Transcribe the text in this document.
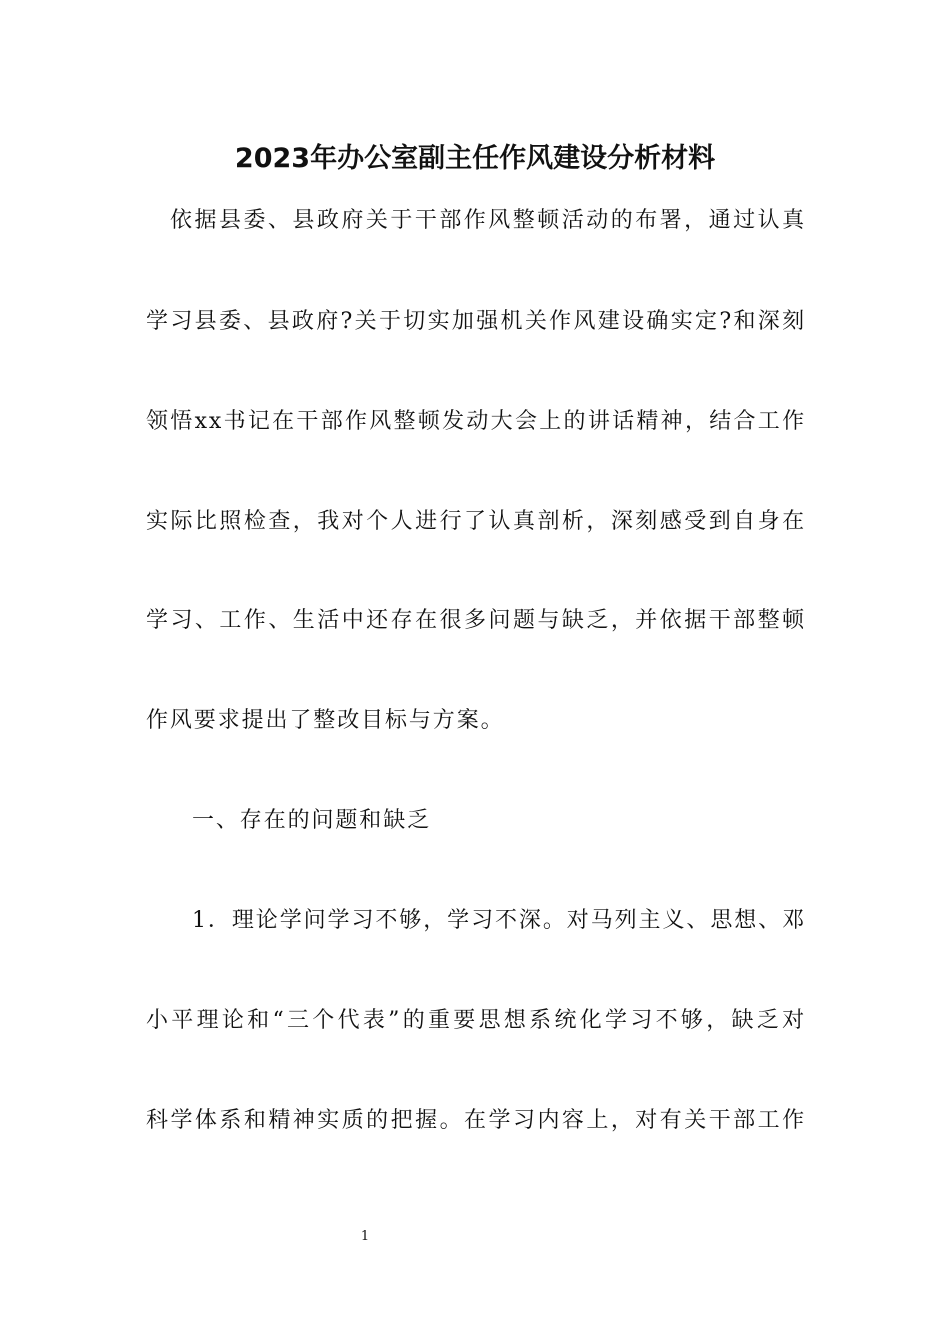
2023年办公室副主任作风建设分析材料
依据县委、县政府关于干部作风整顿活动的布署，通过认真
学习县委、县政府?关于切实加强机关作风建设确实定?和深刻
领悟xx书记在干部作风整顿发动大会上的讲话精神，结合工作
实际比照检查，我对个人进行了认真剖析，深刻感受到自身在
学习、工作、生活中还存在很多问题与缺乏，并依据干部整顿
作风要求提出了整改目标与方案。
一、存在的问题和缺乏
1．理论学问学习不够，学习不深。对马列主义、思想、邓
小平理论和“三个代表”的重要思想系统化学习不够，缺乏对
科学体系和精神实质的把握。在学习内容上，对有关干部工作
1
